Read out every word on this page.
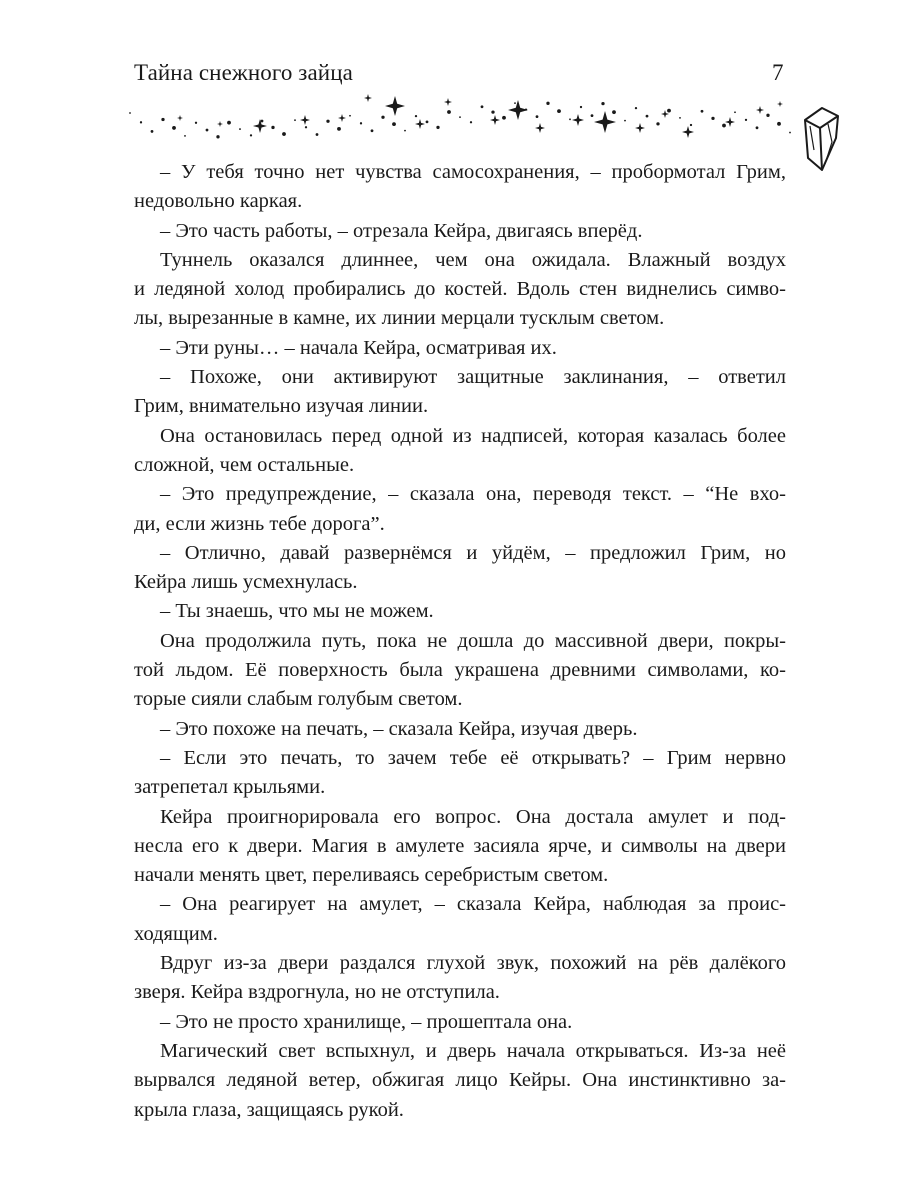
Тайна снежного зайца	7
– У тебя точно нет чувства самосохранения, – пробормотал Грим,
недовольно каркая.
– Это часть работы, – отрезала Кейра, двигаясь вперёд.
Туннель оказался длиннее, чем она ожидала. Влажный воздух
и ледяной холод пробирались до костей. Вдоль стен виднелись симво-
лы, вырезанные в камне, их линии мерцали тусклым светом.
– Эти руны… – начала Кейра, осматривая их.
– Похоже, они активируют защитные заклинания, – ответил
Грим, внимательно изучая линии.
Она остановилась перед одной из надписей, которая казалась более
сложной, чем остальные.
– Это предупреждение, – сказала она, переводя текст. – “Не вхо-
ди, если жизнь тебе дорога”.
– Отлично, давай развернёмся и уйдём, – предложил Грим, но
Кейра лишь усмехнулась.
– Ты знаешь, что мы не можем.
Она продолжила путь, пока не дошла до массивной двери, покры-
той льдом. Её поверхность была украшена древними символами, ко-
торые сияли слабым голубым светом.
– Это похоже на печать, – сказала Кейра, изучая дверь.
– Если это печать, то зачем тебе её открывать? – Грим нервно
затрепетал крыльями.
Кейра проигнорировала его вопрос. Она достала амулет и под-
несла его к двери. Магия в амулете засияла ярче, и символы на двери
начали менять цвет, переливаясь серебристым светом.
– Она реагирует на амулет, – сказала Кейра, наблюдая за проис-
ходящим.
Вдруг из-за двери раздался глухой звук, похожий на рёв далёкого
зверя. Кейра вздрогнула, но не отступила.
– Это не просто хранилище, – прошептала она.
Магический свет вспыхнул, и дверь начала открываться. Из-за неё
вырвался ледяной ветер, обжигая лицо Кейры. Она инстинктивно за-
крыла глаза, защищаясь рукой.
